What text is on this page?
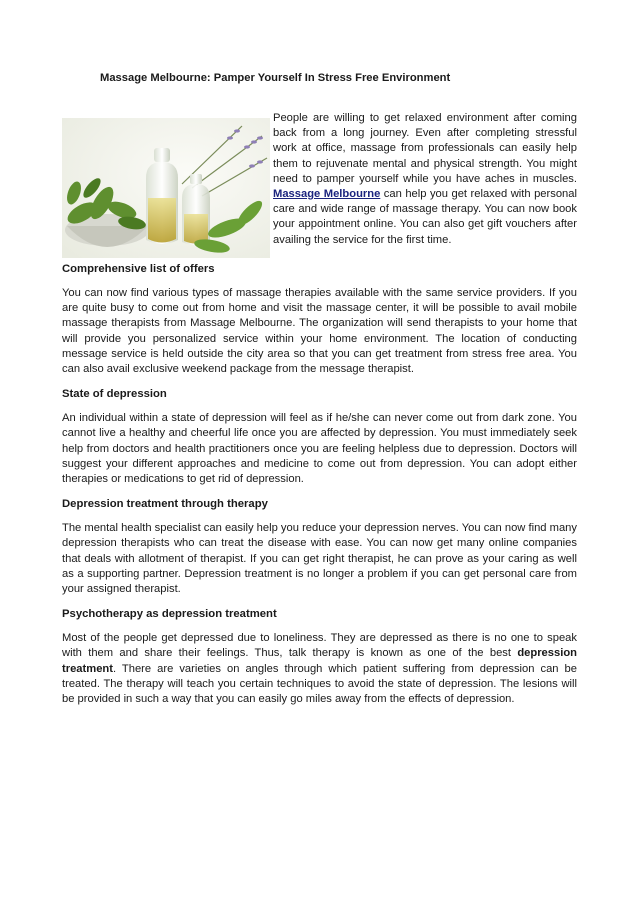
Massage Melbourne: Pamper Yourself In Stress Free Environment

People are willing to get relaxed environment after coming back from a long journey. Even after completing stressful work at office, massage from professionals can easily help them to rejuvenate mental and physical strength. You might need to pamper yourself while you have aches in muscles. Massage Melbourne can help you get relaxed with personal care and wide range of massage therapy. You can now book your appointment online. You can also get gift vouchers after availing the service for the first time.

Comprehensive list of offers

You can now find various types of massage therapies available with the same service providers. If you are quite busy to come out from home and visit the massage center, it will be possible to avail mobile massage therapists from Massage Melbourne. The organization will send therapists to your home that will provide you personalized service within your home environment. The location of conducting message service is held outside the city area so that you can get treatment from stress free area. You can also avail exclusive weekend package from the message therapist.

State of depression

An individual within a state of depression will feel as if he/she can never come out from dark zone. You cannot live a healthy and cheerful life once you are affected by depression. You must immediately seek help from doctors and health practitioners once you are feeling helpless due to depression. Doctors will suggest your different approaches and medicine to come out from depression. You can adopt either therapies or medications to get rid of depression.

Depression treatment through therapy

The mental health specialist can easily help you reduce your depression nerves. You can now find many depression therapists who can treat the disease with ease. You can now get many online companies that deals with allotment of therapist. If you can get right therapist, he can prove as your caring as well as a supporting partner. Depression treatment is no longer a problem if you can get personal care from your assigned therapist.

Psychotherapy as depression treatment

Most of the people get depressed due to loneliness. They are depressed as there is no one to speak with them and share their feelings. Thus, talk therapy is known as one of the best depression treatment. There are varieties on angles through which patient suffering from depression can be treated. The therapy will teach you certain techniques to avoid the state of depression. The lesions will be provided in such a way that you can easily go miles away from the effects of depression.
